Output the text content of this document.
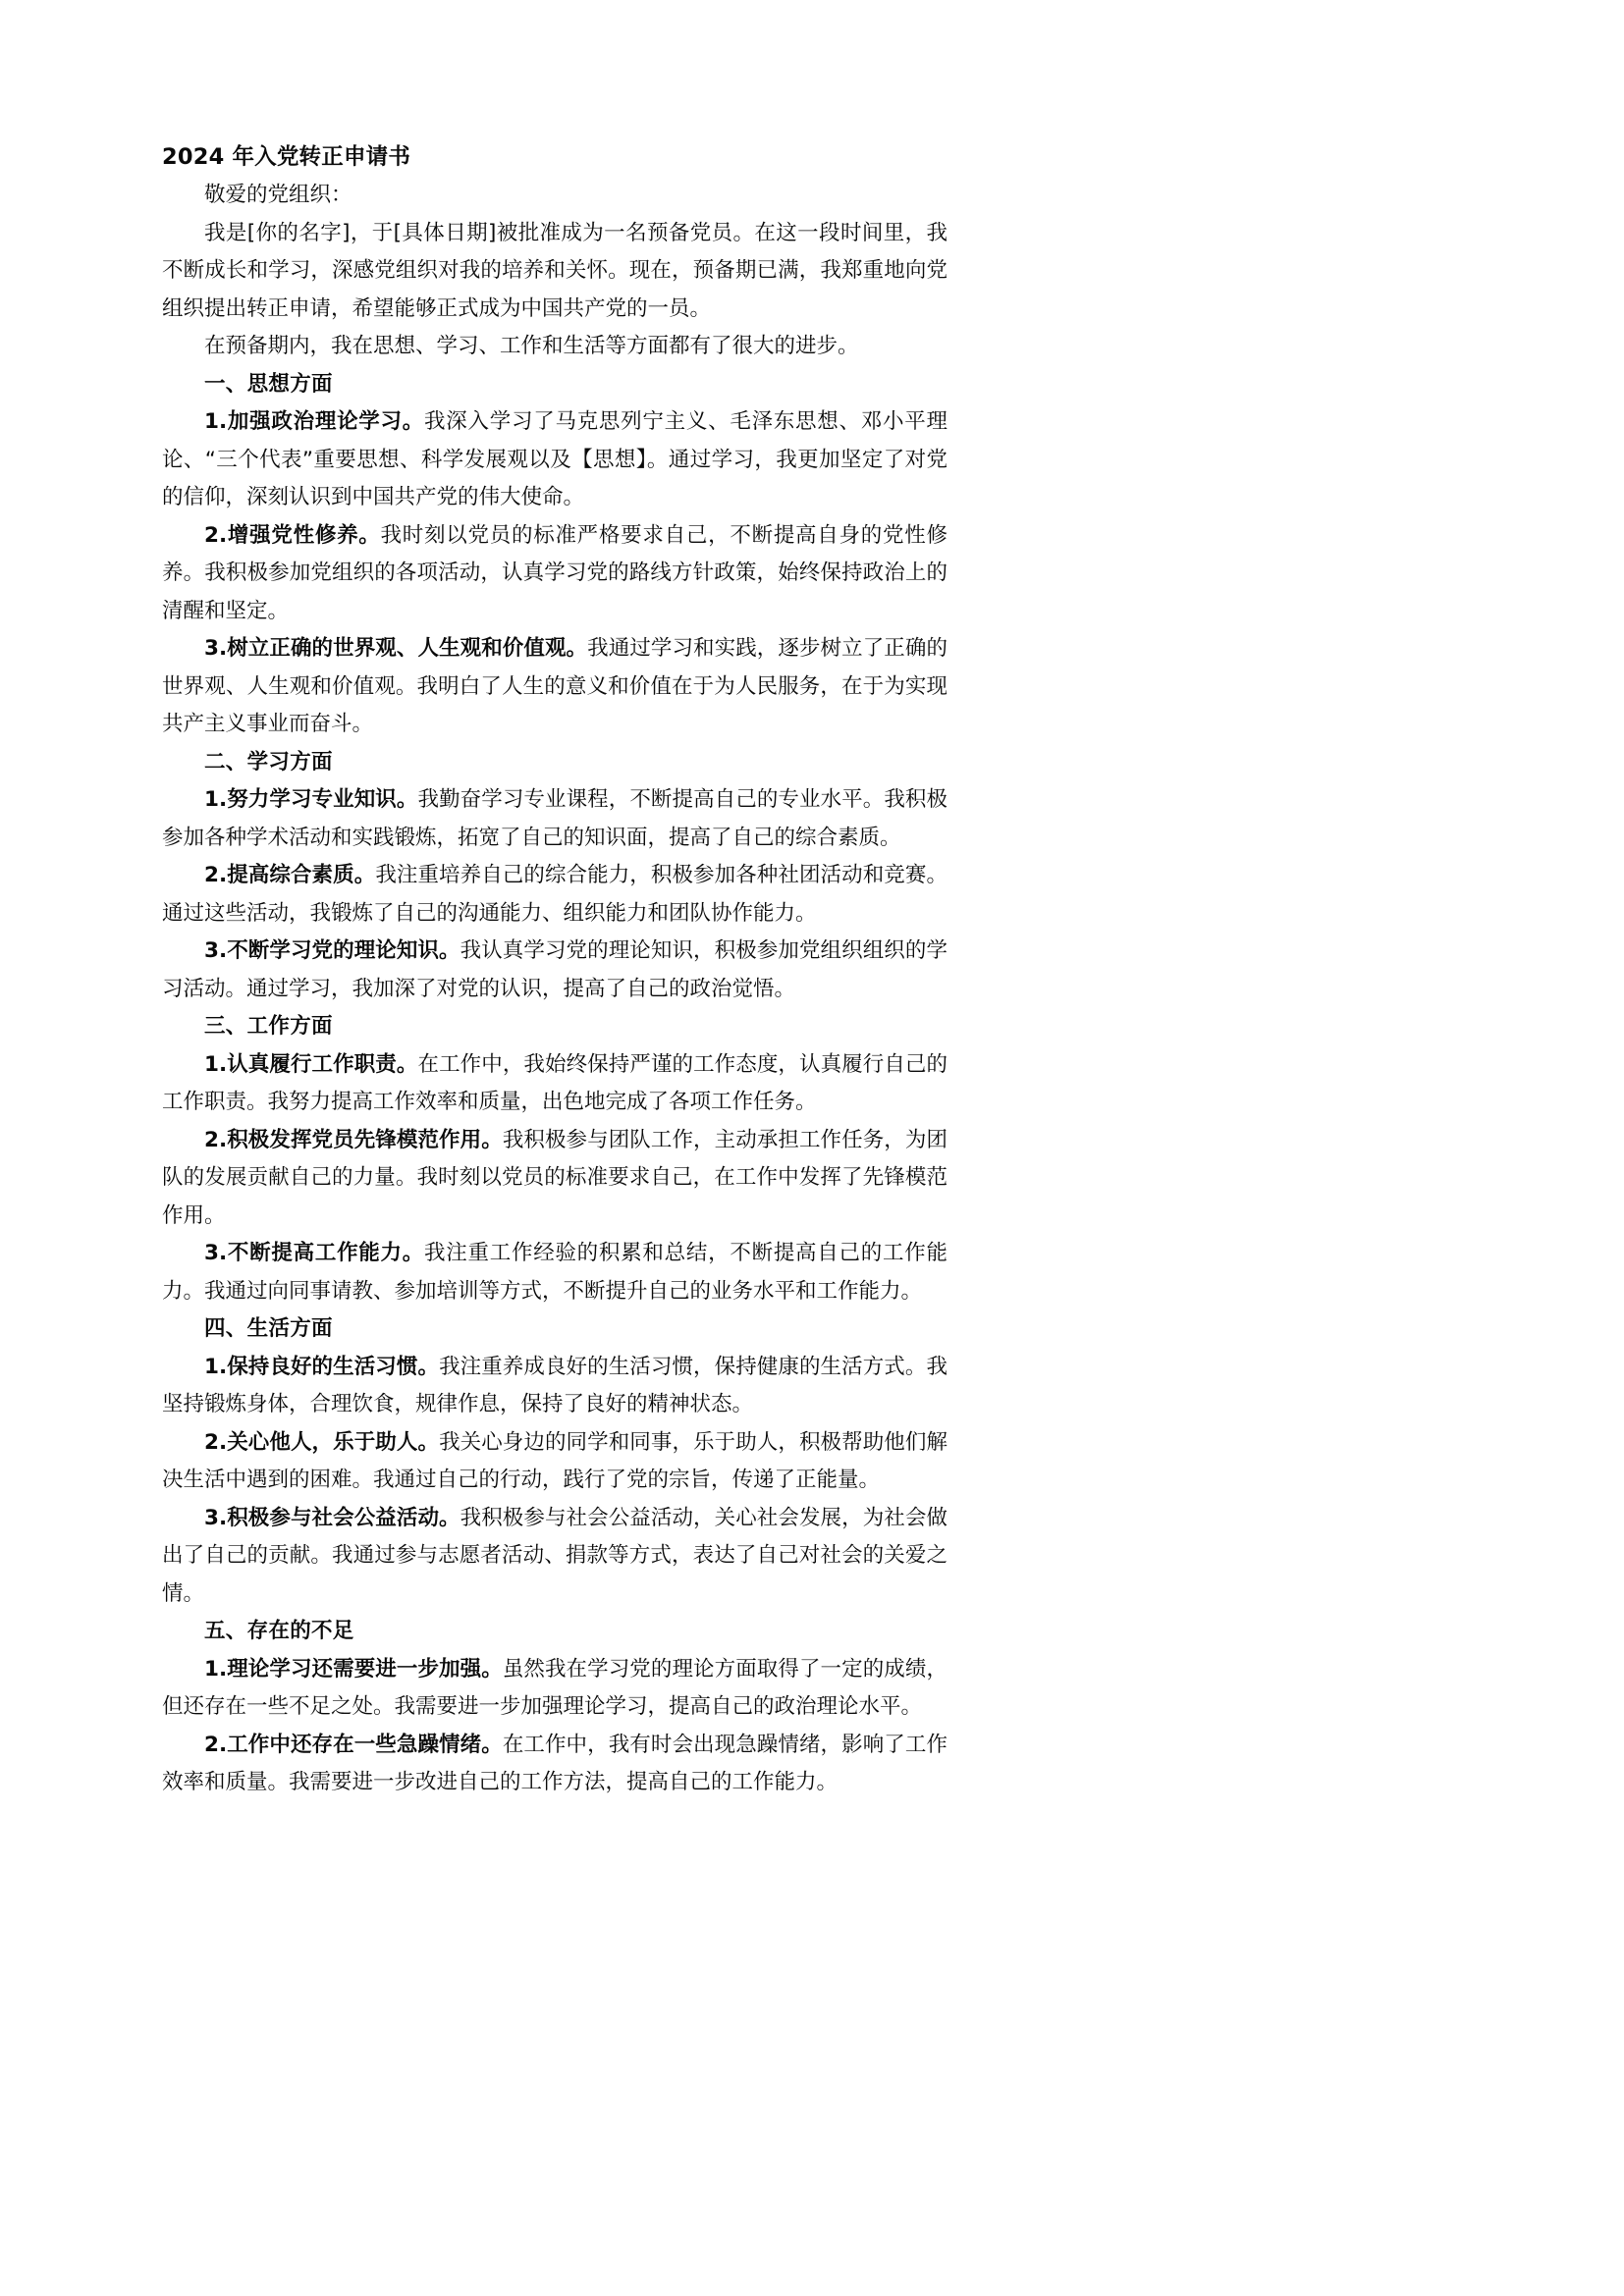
2024 年入党转正申请书

敬爱的党组织：

我是[你的名字]，于[具体日期]被批准成为一名预备党员。在这一段时间里，我不断成长和学习，深感党组织对我的培养和关怀。现在，预备期已满，我郑重地向党组织提出转正申请，希望能够正式成为中国共产党的一员。

在预备期内，我在思想、学习、工作和生活等方面都有了很大的进步。

一、思想方面

1.加强政治理论学习。我深入学习了马克思列宁主义、毛泽东思想、邓小平理论、“三个代表”重要思想、科学发展观以及【思想】。通过学习，我更加坚定了对党的信仰，深刻认识到中国共产党的伟大使命。

2.增强党性修养。我时刻以党员的标准严格要求自己，不断提高自身的党性修养。我积极参加党组织的各项活动，认真学习党的路线方针政策，始终保持政治上的清醒和坚定。

3.树立正确的世界观、人生观和价值观。我通过学习和实践，逐步树立了正确的世界观、人生观和价值观。我明白了人生的意义和价值在于为人民服务，在于为实现共产主义事业而奋斗。

二、学习方面

1.努力学习专业知识。我勤奋学习专业课程，不断提高自己的专业水平。我积极参加各种学术活动和实践锻炼，拓宽了自己的知识面，提高了自己的综合素质。

2.提高综合素质。我注重培养自己的综合能力，积极参加各种社团活动和竞赛。通过这些活动，我锻炼了自己的沟通能力、组织能力和团队协作能力。

3.不断学习党的理论知识。我认真学习党的理论知识，积极参加党组织组织的学习活动。通过学习，我加深了对党的认识，提高了自己的政治觉悟。

三、工作方面

1.认真履行工作职责。在工作中，我始终保持严谨的工作态度，认真履行自己的工作职责。我努力提高工作效率和质量，出色地完成了各项工作任务。

2.积极发挥党员先锋模范作用。我积极参与团队工作，主动承担工作任务，为团队的发展贡献自己的力量。我时刻以党员的标准要求自己，在工作中发挥了先锋模范作用。

3.不断提高工作能力。我注重工作经验的积累和总结，不断提高自己的工作能力。我通过向同事请教、参加培训等方式，不断提升自己的业务水平和工作能力。

四、生活方面

1.保持良好的生活习惯。我注重养成良好的生活习惯，保持健康的生活方式。我坚持锻炼身体，合理饮食，规律作息，保持了良好的精神状态。

2.关心他人，乐于助人。我关心身边的同学和同事，乐于助人，积极帮助他们解决生活中遇到的困难。我通过自己的行动，践行了党的宗旨，传递了正能量。

3.积极参与社会公益活动。我积极参与社会公益活动，关心社会发展，为社会做出了自己的贡献。我通过参与志愿者活动、捐款等方式，表达了自己对社会的关爱之情。

五、存在的不足

1.理论学习还需要进一步加强。虽然我在学习党的理论方面取得了一定的成绩，但还存在一些不足之处。我需要进一步加强理论学习，提高自己的政治理论水平。

2.工作中还存在一些急躁情绪。在工作中，我有时会出现急躁情绪，影响了工作效率和质量。我需要进一步改进自己的工作方法，提高自己的工作能力。
